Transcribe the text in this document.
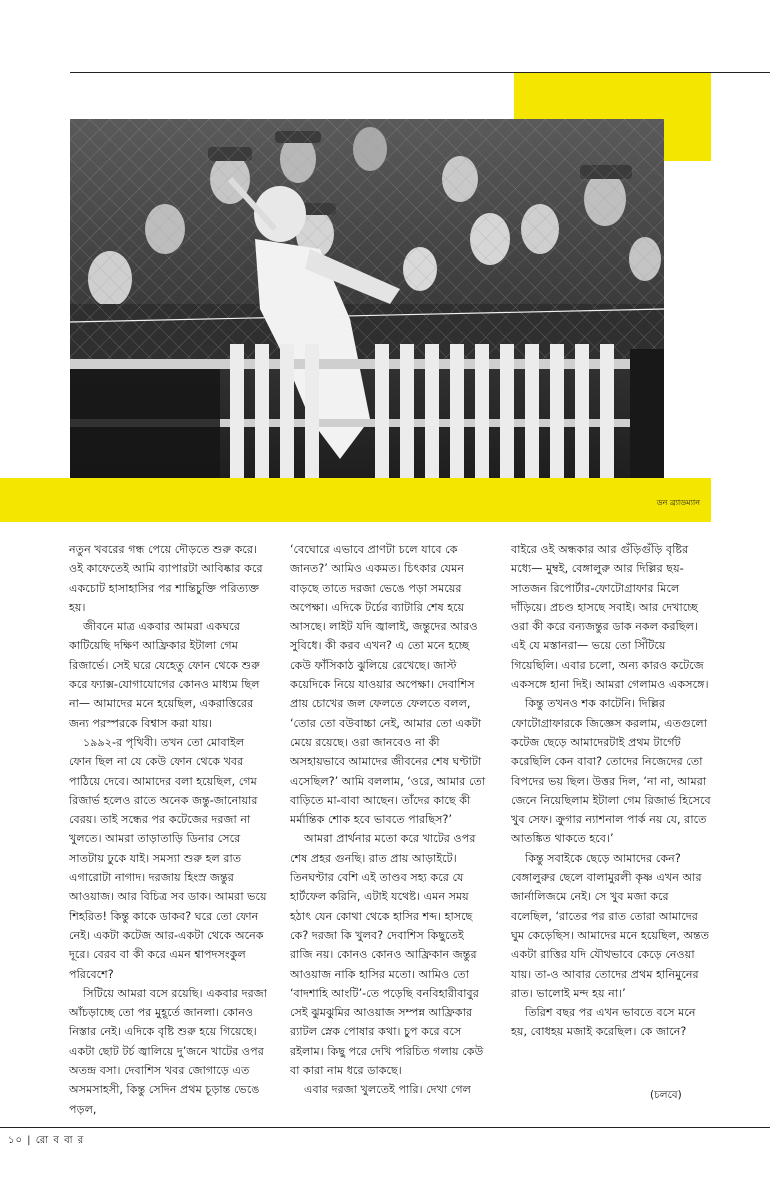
ডন ব্র্যাডম্যান

নতুন খবরের গন্ধ পেয়ে দৌড়তে শুরু করে। ওই কাফেতেই আমি ব্যাপারটা আবিষ্কার করে একচোট হাসাহাসির পর শান্তিচুক্তি পরিত্যক্ত হয়।

জীবনে মাত্র একবার আমরা একঘরে কাটিয়েছি দক্ষিণ আফ্রিকার ইটালা গেম রিজার্ভে। সেই ঘরে যেহেতু ফোন থেকে শুরু করে ফ্যাক্স-যোগাযোগের কোনও মাধ্যম ছিল না— আমাদের মনে হয়েছিল, একরাত্তিরের জন্য পরস্পরকে বিশ্বাস করা যায়।

১৯৯২-র পৃথিবী। তখন তো মোবাইল ফোন ছিল না যে কেউ ফোন থেকে খবর পাঠিয়ে দেবে। আমাদের বলা হয়েছিল, গেম রিজার্ভ হলেও রাতে অনেক জন্তু-জানোয়ার বেরয়। তাই সন্ধের পর কটেজের দরজা না খুলতে। আমরা তাড়াতাড়ি ডিনার সেরে সাতটায় ঢুকে যাই। সমস্যা শুরু হল রাত এগারোটা নাগাদ। দরজায় হিংস্র জন্তুর আওয়াজ। আর বিচিত্র সব ডাক। আমরা ভয়ে শিহরিত! কিন্তু কাকে ডাকব? ঘরে তো ফোন নেই। একটা কটেজ আর-একটা থেকে অনেক দূরে। বেরব বা কী করে এমন শ্বাপদসংকুল পরিবেশে?

সিটিয়ে আমরা বসে রয়েছি। একবার দরজা আঁচড়াচ্ছে তো পর মুহূর্তে জানলা। কোনও নিস্তার নেই। এদিকে বৃষ্টি শুরু হয়ে গিয়েছে। একটা ছোট টর্চ জ্বালিয়ে দু’জনে খাটের ওপর অতন্দ্র বসা। দেবাশিস খবর জোগাড়ে এত অসমসাহসী, কিন্তু সেদিন প্রথম চূড়ান্ত ভেঙে পড়ল,

‘বেঘোরে এভাবে প্রাণটা চলে যাবে কে জানত?’ আমিও একমত। চিৎকার যেমন বাড়ছে তাতে দরজা ভেঙে পড়া সময়ের অপেক্ষা। এদিকে টর্চের ব্যাটারি শেষ হয়ে আসছে। লাইট যদি জ্বালাই, জন্তুদের আরও সুবিধে। কী করব এখন? এ তো মনে হচ্ছে কেউ ফাঁসিকাঠ ঝুলিয়ে রেখেছে। জাস্ট কয়েদিকে নিয়ে যাওয়ার অপেক্ষা। দেবাশিস প্রায় চোখের জল ফেলতে ফেলতে বলল, ‘তোর তো বউবাচ্চা নেই, আমার তো একটা মেয়ে রয়েছে। ওরা জানবেও না কী অসহায়ভাবে আমাদের জীবনের শেষ ঘণ্টাটা এসেছিল?’ আমি বললাম, ‘ওরে, আমার তো বাড়িতে মা-বাবা আছেন। তাঁদের কাছে কী মর্মান্তিক শোক হবে ভাবতে পারছিস?’

আমরা প্রার্থনার মতো করে খাটের ওপর শেষ প্রহর গুনছি। রাত প্রায় আড়াইটে। তিনঘণ্টার বেশি এই তাণ্ডব সহ্য করে যে হার্টফেল করিনি, এটাই যথেষ্ট। এমন সময় হঠাৎ যেন কোথা থেকে হাসির শব্দ। হাসছে কে? দরজা কি খুলব? দেবাশিস কিছুতেই রাজি নয়। কোনও কোনও আফ্রিকান জন্তুর আওয়াজ নাকি হাসির মতো। আমিও তো ‘বাদশাহি আংটি’-তে পড়েছি বনবিহারীবাবুর সেই ঝুমঝুমির আওয়াজ সম্পন্ন আফ্রিকার র‍্যাটল স্নেক পোষার কথা। চুপ করে বসে রইলাম। কিছু পরে দেখি পরিচিত গলায় কেউ বা কারা নাম ধরে ডাকছে।

এবার দরজা খুলতেই পারি। দেখা গেল

বাইরে ওই অন্ধকার আর গুঁড়িগুঁড়ি বৃষ্টির মধ্যে— মুম্বই, বেঙ্গালুরু আর দিল্লির ছয়-সাতজন রিপোর্টার-ফোটোগ্রাফার মিলে দাঁড়িয়ে। প্রচণ্ড হাসছে সবাই। আর দেখাচ্ছে ওরা কী করে বন্যজন্তুর ডাক নকল করছিল। এই যে মস্তানরা— ভয়ে তো সিঁটিয়ে গিয়েছিলি। এবার চলো, অন্য কারও কটেজে একসঙ্গে হানা দিই। আমরা গেলামও একসঙ্গে।

কিন্তু তখনও শক কাটেনি। দিল্লির ফোটোগ্রাফারকে জিজ্ঞেস করলাম, এতগুলো কটেজ ছেড়ে আমাদেরটাই প্রথম টার্গেট করেছিলি কেন বাবা? তোদের নিজেদের তো বিপদের ভয় ছিল। উত্তর দিল, ‘না না, আমরা জেনে নিয়েছিলাম ইটালা গেম রিজার্ভ হিসেবে খুব সেফ। ক্রুগার ন্যাশনাল পার্ক নয় যে, রাতে আতঙ্কিত থাকতে হবে।’

কিন্তু সবাইকে ছেড়ে আমাদের কেন? বেঙ্গালুরুর ছেলে বালামুরলী কৃষ্ণ এখন আর জার্নালিজমে নেই। সে খুব মজা করে বলেছিল, ‘রাতের পর রাত তোরা আমাদের ঘুম কেড়েছিস। আমাদের মনে হয়েছিল, অন্তত একটা রাত্তির যদি যৌথভাবে কেড়ে নেওয়া যায়। তা-ও আবার তোদের প্রথম হানিমুনের রাত। ভালোই মন্দ হয় না।’

তিরিশ বছর পর এখন ভাবতে বসে মনে হয়, বোধহয় মজাই করেছিল। কে জানে?

(চলবে)
১০ | রো ব বা র
